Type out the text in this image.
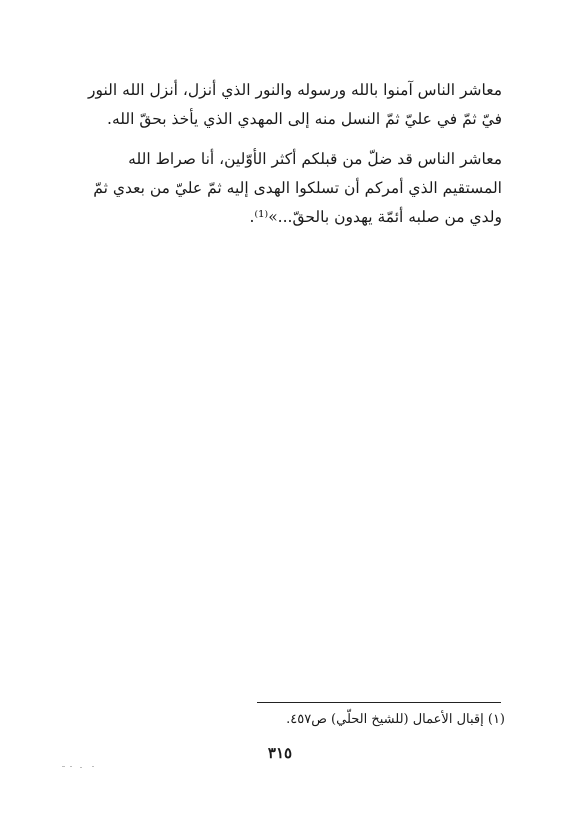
معاشر الناس آمنوا بالله ورسوله والنور الذي أنزل، أنزل الله النور
فيّ ثمّ في عليّ ثمّ النسل منه إلى المهدي الذي يأخذ بحقّ الله.
معاشر الناس قد ضلّ من قبلكم أكثر الأوّلين، أنا صراط الله
المستقيم الذي أمركم أن تسلكوا الهدى إليه ثمّ عليّ من بعدي ثمّ
ولدي من صلبه أئمّة يهدون بالحقّ...»⁽¹⁾.
(١) إقبال الأعمال (للشيخ الحلّي) ص٤٥٧.
٣١٥
